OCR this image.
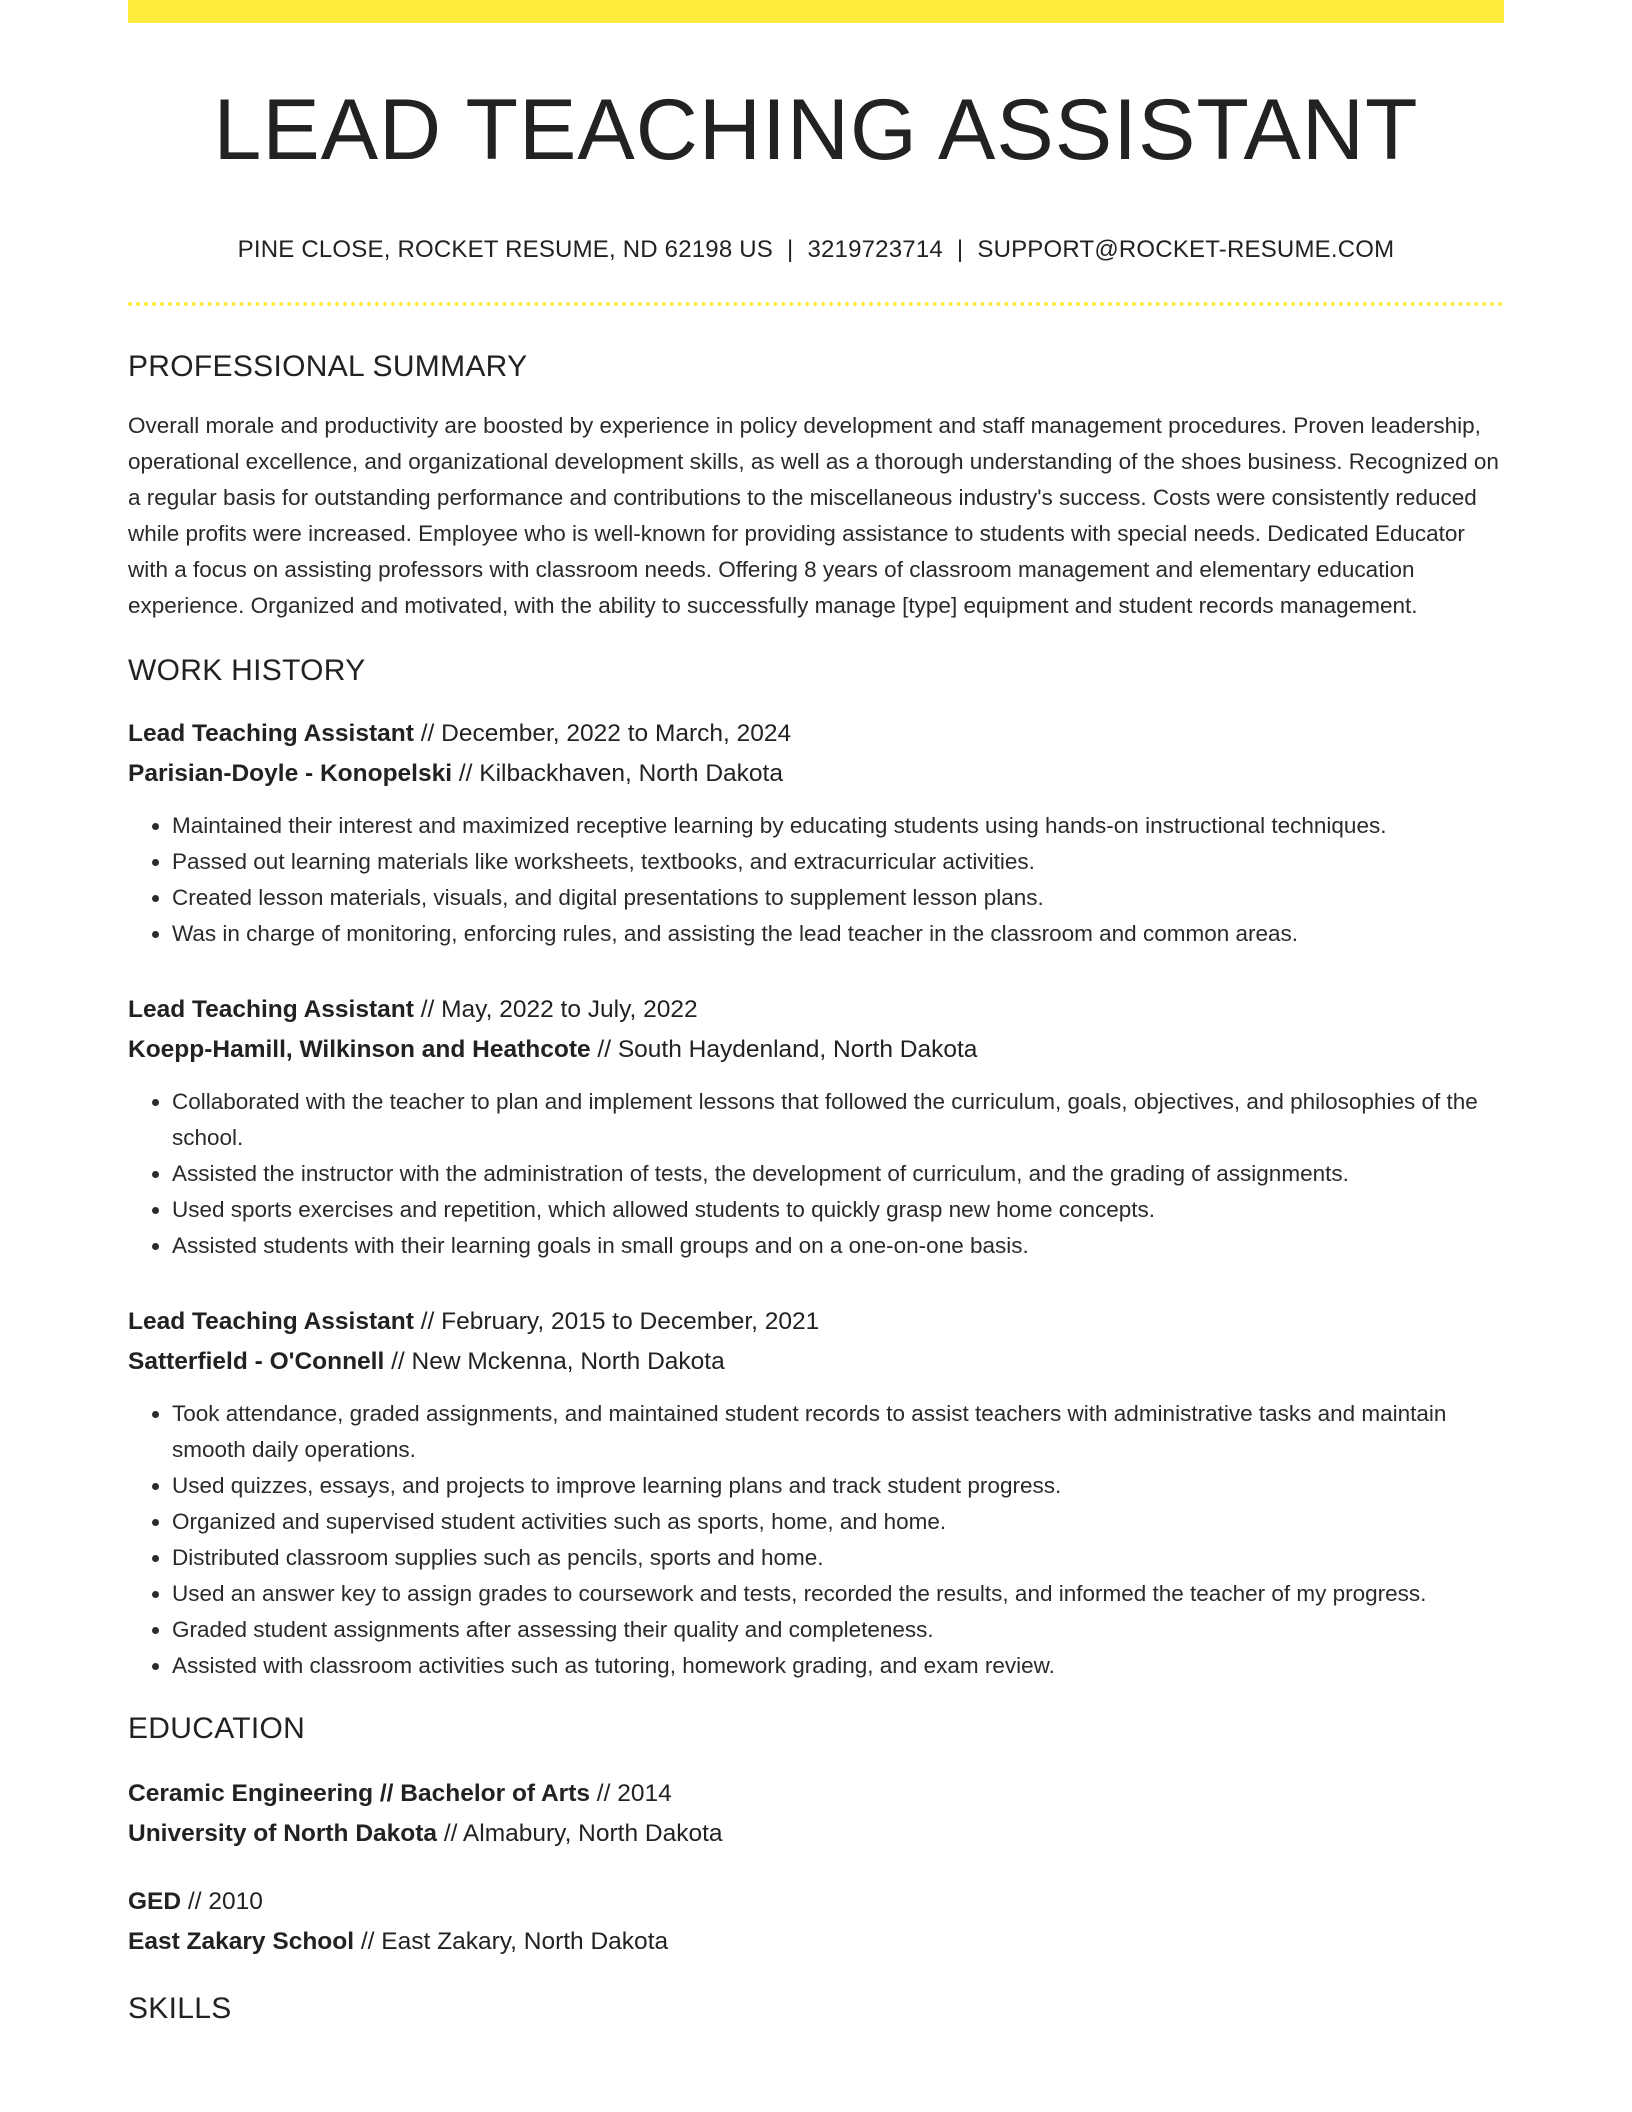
LEAD TEACHING ASSISTANT
PINE CLOSE, ROCKET RESUME, ND 62198 US | 3219723714 | SUPPORT@ROCKET-RESUME.COM
PROFESSIONAL SUMMARY
Overall morale and productivity are boosted by experience in policy development and staff management procedures. Proven leadership, operational excellence, and organizational development skills, as well as a thorough understanding of the shoes business. Recognized on a regular basis for outstanding performance and contributions to the miscellaneous industry's success. Costs were consistently reduced while profits were increased. Employee who is well-known for providing assistance to students with special needs. Dedicated Educator with a focus on assisting professors with classroom needs. Offering 8 years of classroom management and elementary education experience. Organized and motivated, with the ability to successfully manage [type] equipment and student records management.
WORK HISTORY
Lead Teaching Assistant // December, 2022 to March, 2024
Parisian-Doyle - Konopelski // Kilbackhaven, North Dakota
• Maintained their interest and maximized receptive learning by educating students using hands-on instructional techniques.
• Passed out learning materials like worksheets, textbooks, and extracurricular activities.
• Created lesson materials, visuals, and digital presentations to supplement lesson plans.
• Was in charge of monitoring, enforcing rules, and assisting the lead teacher in the classroom and common areas.
Lead Teaching Assistant // May, 2022 to July, 2022
Koepp-Hamill, Wilkinson and Heathcote // South Haydenland, North Dakota
• Collaborated with the teacher to plan and implement lessons that followed the curriculum, goals, objectives, and philosophies of the school.
• Assisted the instructor with the administration of tests, the development of curriculum, and the grading of assignments.
• Used sports exercises and repetition, which allowed students to quickly grasp new home concepts.
• Assisted students with their learning goals in small groups and on a one-on-one basis.
Lead Teaching Assistant // February, 2015 to December, 2021
Satterfield - O'Connell // New Mckenna, North Dakota
• Took attendance, graded assignments, and maintained student records to assist teachers with administrative tasks and maintain smooth daily operations.
• Used quizzes, essays, and projects to improve learning plans and track student progress.
• Organized and supervised student activities such as sports, home, and home.
• Distributed classroom supplies such as pencils, sports and home.
• Used an answer key to assign grades to coursework and tests, recorded the results, and informed the teacher of my progress.
• Graded student assignments after assessing their quality and completeness.
• Assisted with classroom activities such as tutoring, homework grading, and exam review.
EDUCATION
Ceramic Engineering // Bachelor of Arts // 2014
University of North Dakota // Almabury, North Dakota
GED // 2010
East Zakary School // East Zakary, North Dakota
SKILLS
